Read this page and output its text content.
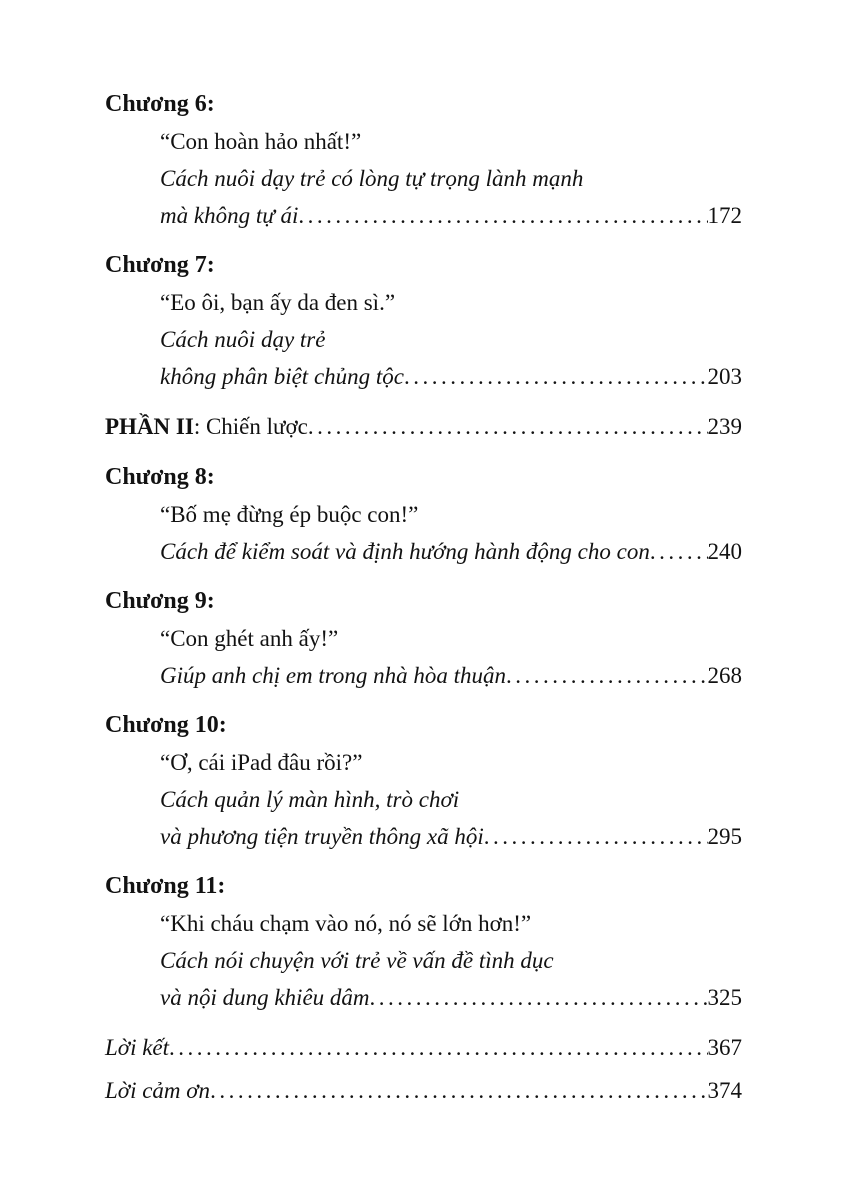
Chương 6:
“Con hoàn hảo nhất!”
Cách nuôi dạy trẻ có lòng tự trọng lành mạnh
mà không tự ái .....	172
Chương 7:
“Eo ôi, bạn ấy da đen sì.”
Cách nuôi dạy trẻ
không phân biệt chủng tộc .....	203
PHẦN II : Chiến lược .....	239
Chương 8:
“Bố mẹ đừng ép buộc con!”
Cách để kiểm soát và định hướng hành động cho con .....	240
Chương 9:
“Con ghét anh ấy!”
Giúp anh chị em trong nhà hòa thuận .....	268
Chương 10:
“Ơ, cái iPad đâu rồi?”
Cách quản lý màn hình, trò chơi
và phương tiện truyền thông xã hội .....	295
Chương 11:
“Khi cháu chạm vào nó, nó sẽ lớn hơn!”
Cách nói chuyện với trẻ về vấn đề tình dục
và nội dung khiêu dâm .....	325
Lời kết .....	367
Lời cảm ơn .....	374
